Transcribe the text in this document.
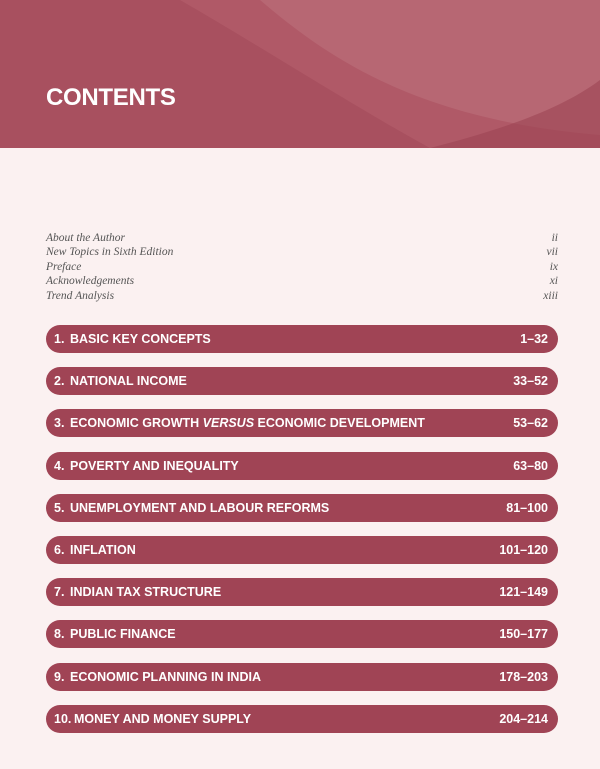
CONTENTS
About the Author	ii
New Topics in Sixth Edition	vii
Preface	ix
Acknowledgements	xi
Trend Analysis	xiii
1. BASIC KEY CONCEPTS	1–32
2. NATIONAL INCOME	33–52
3. ECONOMIC GROWTH VERSUS ECONOMIC DEVELOPMENT	53–62
4. POVERTY AND INEQUALITY	63–80
5. UNEMPLOYMENT AND LABOUR REFORMS	81–100
6. INFLATION	101–120
7. INDIAN TAX STRUCTURE	121–149
8. PUBLIC FINANCE	150–177
9. ECONOMIC PLANNING IN INDIA	178–203
10. MONEY AND MONEY SUPPLY	204–214
